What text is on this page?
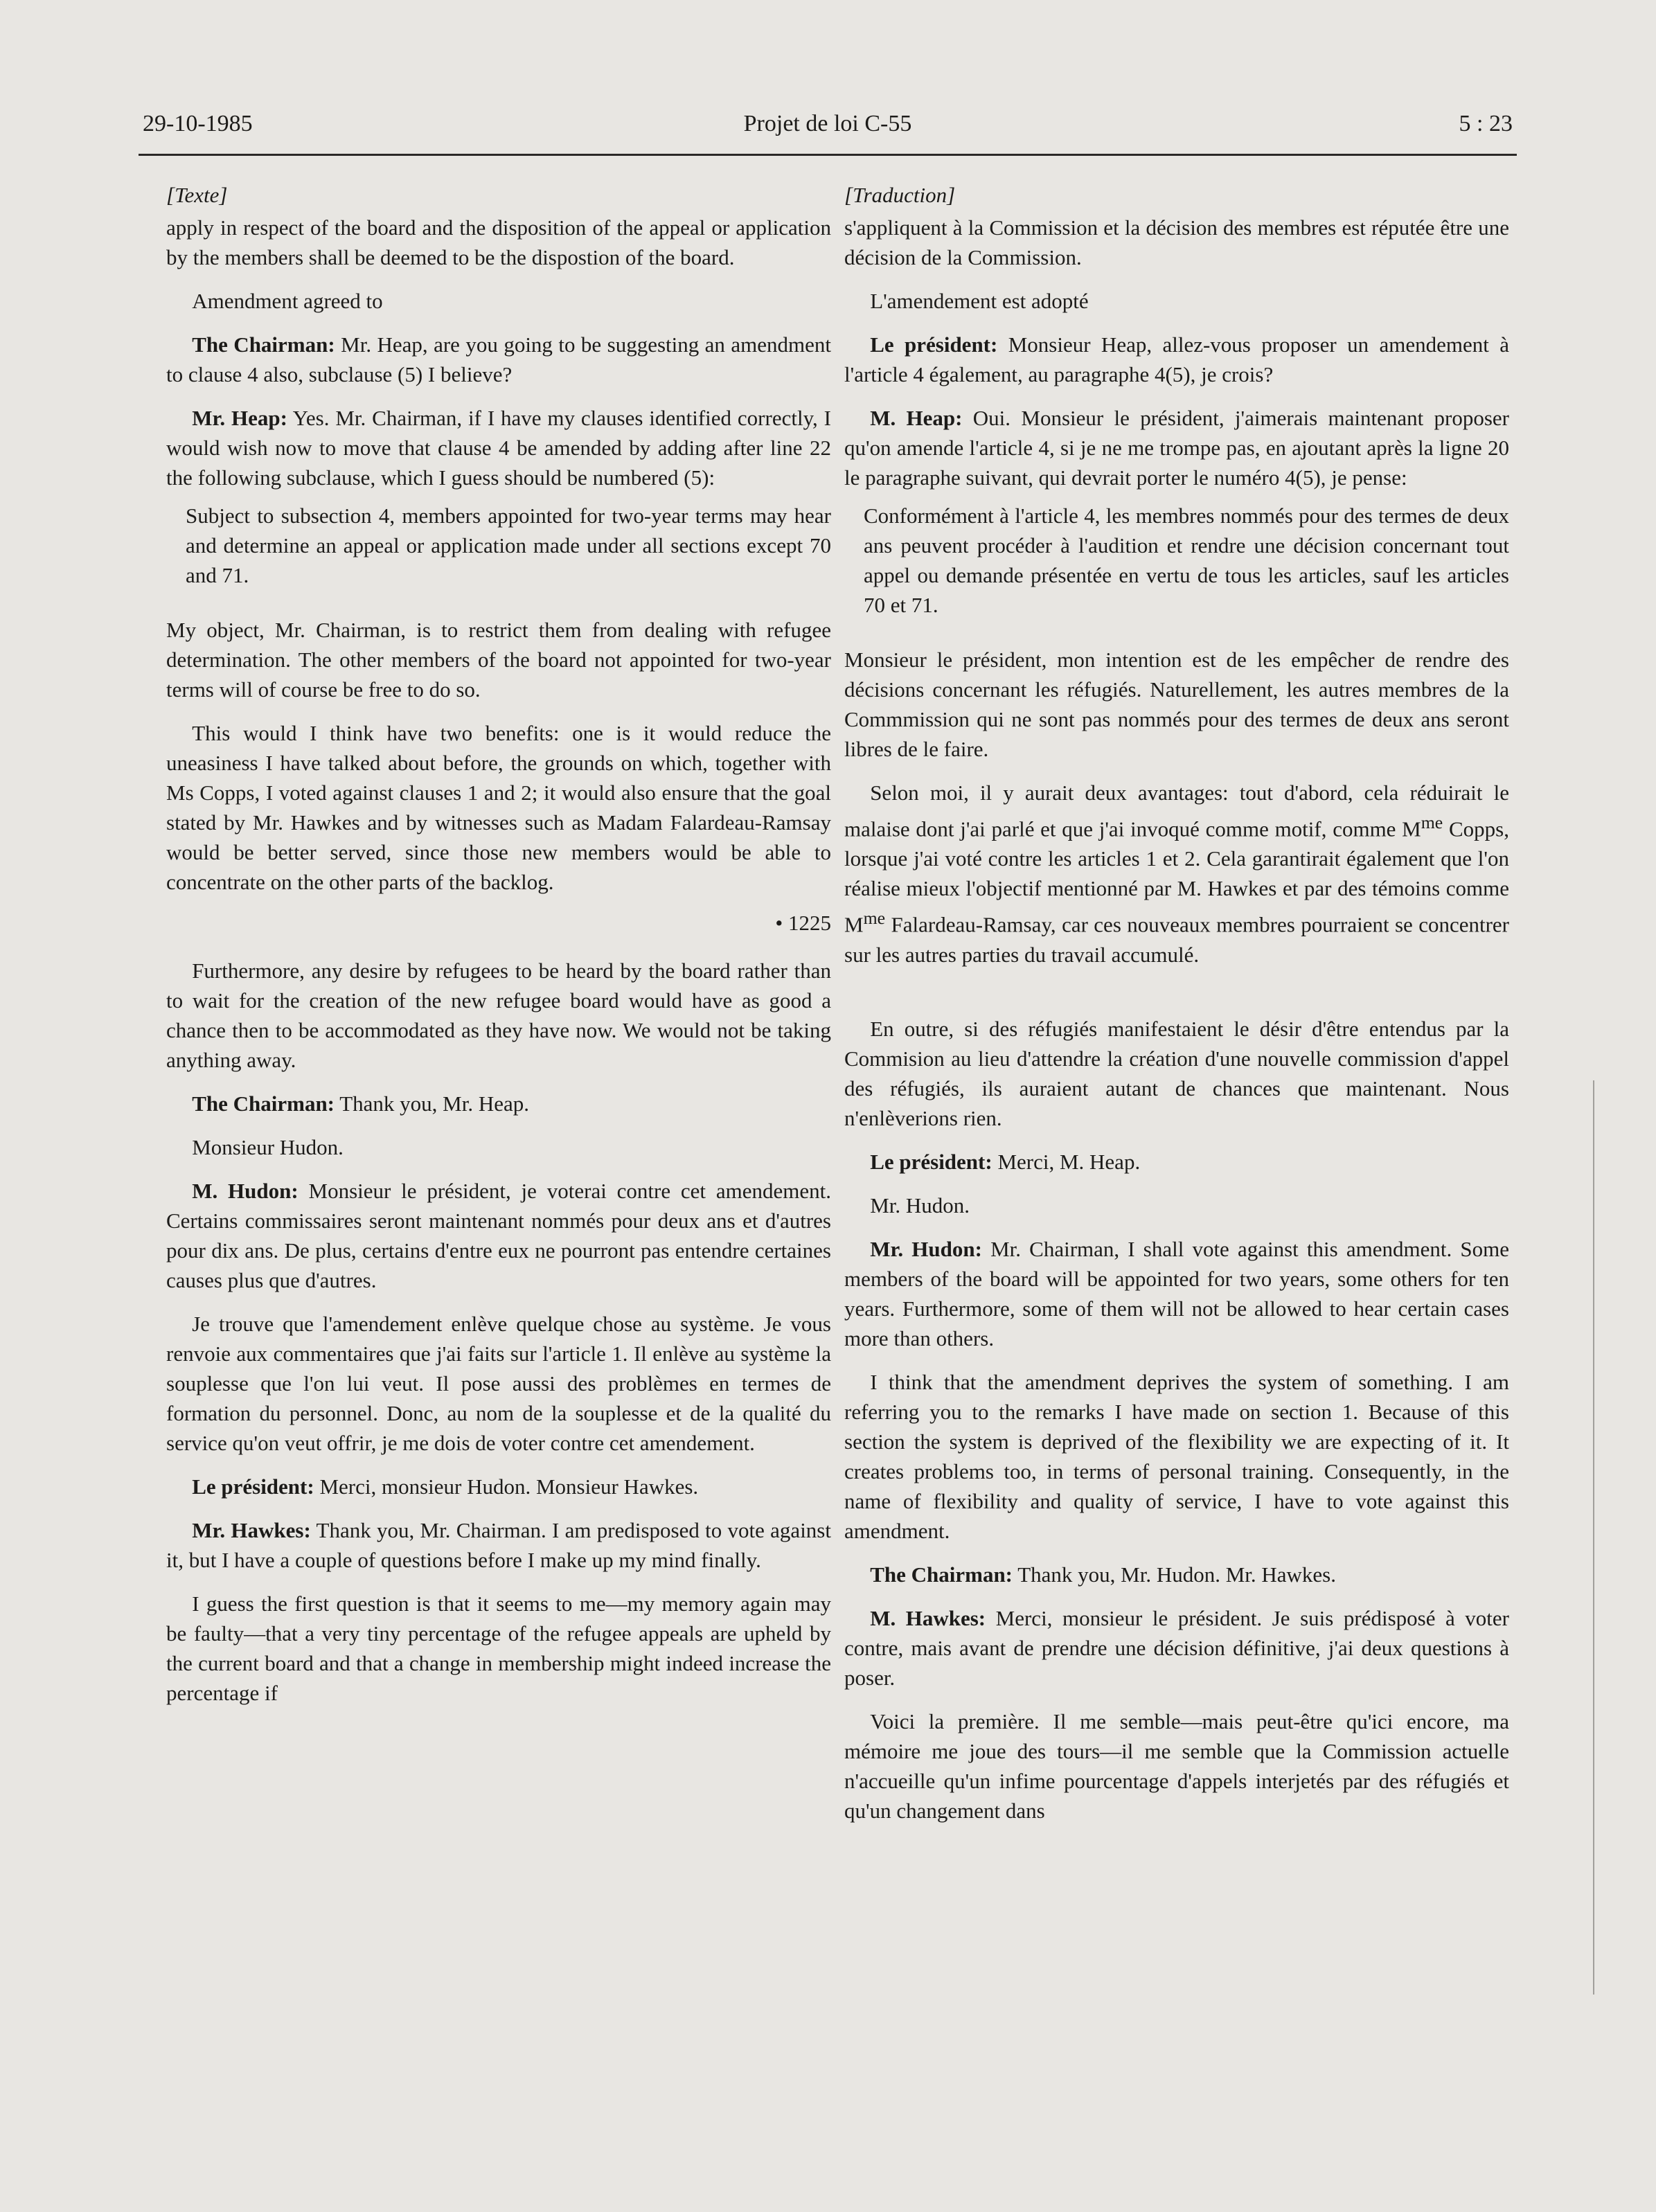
29-10-1985	Projet de loi C-55	5 : 23

[Texte]

apply in respect of the board and the disposition of the appeal or application by the members shall be deemed to be the dispostion of the board.

Amendment agreed to

The Chairman: Mr. Heap, are you going to be suggesting an amendment to clause 4 also, subclause (5) I believe?

Mr. Heap: Yes. Mr. Chairman, if I have my clauses identified correctly, I would wish now to move that clause 4 be amended by adding after line 22 the following subclause, which I guess should be numbered (5):

Subject to subsection 4, members appointed for two-year terms may hear and determine an appeal or application made under all sections except 70 and 71.

My object, Mr. Chairman, is to restrict them from dealing with refugee determination. The other members of the board not appointed for two-year terms will of course be free to do so.

This would I think have two benefits: one is it would reduce the uneasiness I have talked about before, the grounds on which, together with Ms Copps, I voted against clauses 1 and 2; it would also ensure that the goal stated by Mr. Hawkes and by witnesses such as Madam Falardeau-Ramsay would be better served, since those new members would be able to concentrate on the other parts of the backlog.

• 1225

Furthermore, any desire by refugees to be heard by the board rather than to wait for the creation of the new refugee board would have as good a chance then to be accommodated as they have now. We would not be taking anything away.

The Chairman: Thank you, Mr. Heap.

Monsieur Hudon.

M. Hudon: Monsieur le président, je voterai contre cet amendement. Certains commissaires seront maintenant nommés pour deux ans et d'autres pour dix ans. De plus, certains d'entre eux ne pourront pas entendre certaines causes plus que d'autres.

Je trouve que l'amendement enlève quelque chose au système. Je vous renvoie aux commentaires que j'ai faits sur l'article 1. Il enlève au système la souplesse que l'on lui veut. Il pose aussi des problèmes en termes de formation du personnel. Donc, au nom de la souplesse et de la qualité du service qu'on veut offrir, je me dois de voter contre cet amendement.

Le président: Merci, monsieur Hudon. Monsieur Hawkes.

Mr. Hawkes: Thank you, Mr. Chairman. I am predisposed to vote against it, but I have a couple of questions before I make up my mind finally.

I guess the first question is that it seems to me—my memory again may be faulty—that a very tiny percentage of the refugee appeals are upheld by the current board and that a change in membership might indeed increase the percentage if

[Traduction]

s'appliquent à la Commission et la décision des membres est réputée être une décision de la Commission.

L'amendement est adopté

Le président: Monsieur Heap, allez-vous proposer un amendement à l'article 4 également, au paragraphe 4(5), je crois?

M. Heap: Oui. Monsieur le président, j'aimerais maintenant proposer qu'on amende l'article 4, si je ne me trompe pas, en ajoutant après la ligne 20 le paragraphe suivant, qui devrait porter le numéro 4(5), je pense:

Conformément à l'article 4, les membres nommés pour des termes de deux ans peuvent procéder à l'audition et rendre une décision concernant tout appel ou demande présentée en vertu de tous les articles, sauf les articles 70 et 71.

Monsieur le président, mon intention est de les empêcher de rendre des décisions concernant les réfugiés. Naturellement, les autres membres de la Commmission qui ne sont pas nommés pour des termes de deux ans seront libres de le faire.

Selon moi, il y aurait deux avantages: tout d'abord, cela réduirait le malaise dont j'ai parlé et que j'ai invoqué comme motif, comme $M^{me}$ Copps, lorsque j'ai voté contre les articles 1 et 2. Cela garantirait également que l'on réalise mieux l'objectif mentionné par M. Hawkes et par des témoins comme $M^{me}$ Falardeau-Ramsay, car ces nouveaux membres pourraient se concentrer sur les autres parties du travail accumulé.

En outre, si des réfugiés manifestaient le désir d'être entendus par la Commision au lieu d'attendre la création d'une nouvelle commission d'appel des réfugiés, ils auraient autant de chances que maintenant. Nous n'enlèverions rien.

Le président: Merci, M. Heap.

Mr. Hudon.

Mr. Hudon: Mr. Chairman, I shall vote against this amendment. Some members of the board will be appointed for two years, some others for ten years. Furthermore, some of them will not be allowed to hear certain cases more than others.

I think that the amendment deprives the system of something. I am referring you to the remarks I have made on section 1. Because of this section the system is deprived of the flexibility we are expecting of it. It creates problems too, in terms of personal training. Consequently, in the name of flexibility and quality of service, I have to vote against this amendment.

The Chairman: Thank you, Mr. Hudon. Mr. Hawkes.

M. Hawkes: Merci, monsieur le président. Je suis prédisposé à voter contre, mais avant de prendre une décision définitive, j'ai deux questions à poser.

Voici la première. Il me semble—mais peut-être qu'ici encore, ma mémoire me joue des tours—il me semble que la Commission actuelle n'accueille qu'un infime pourcentage d'appels interjetés par des réfugiés et qu'un changement dans
